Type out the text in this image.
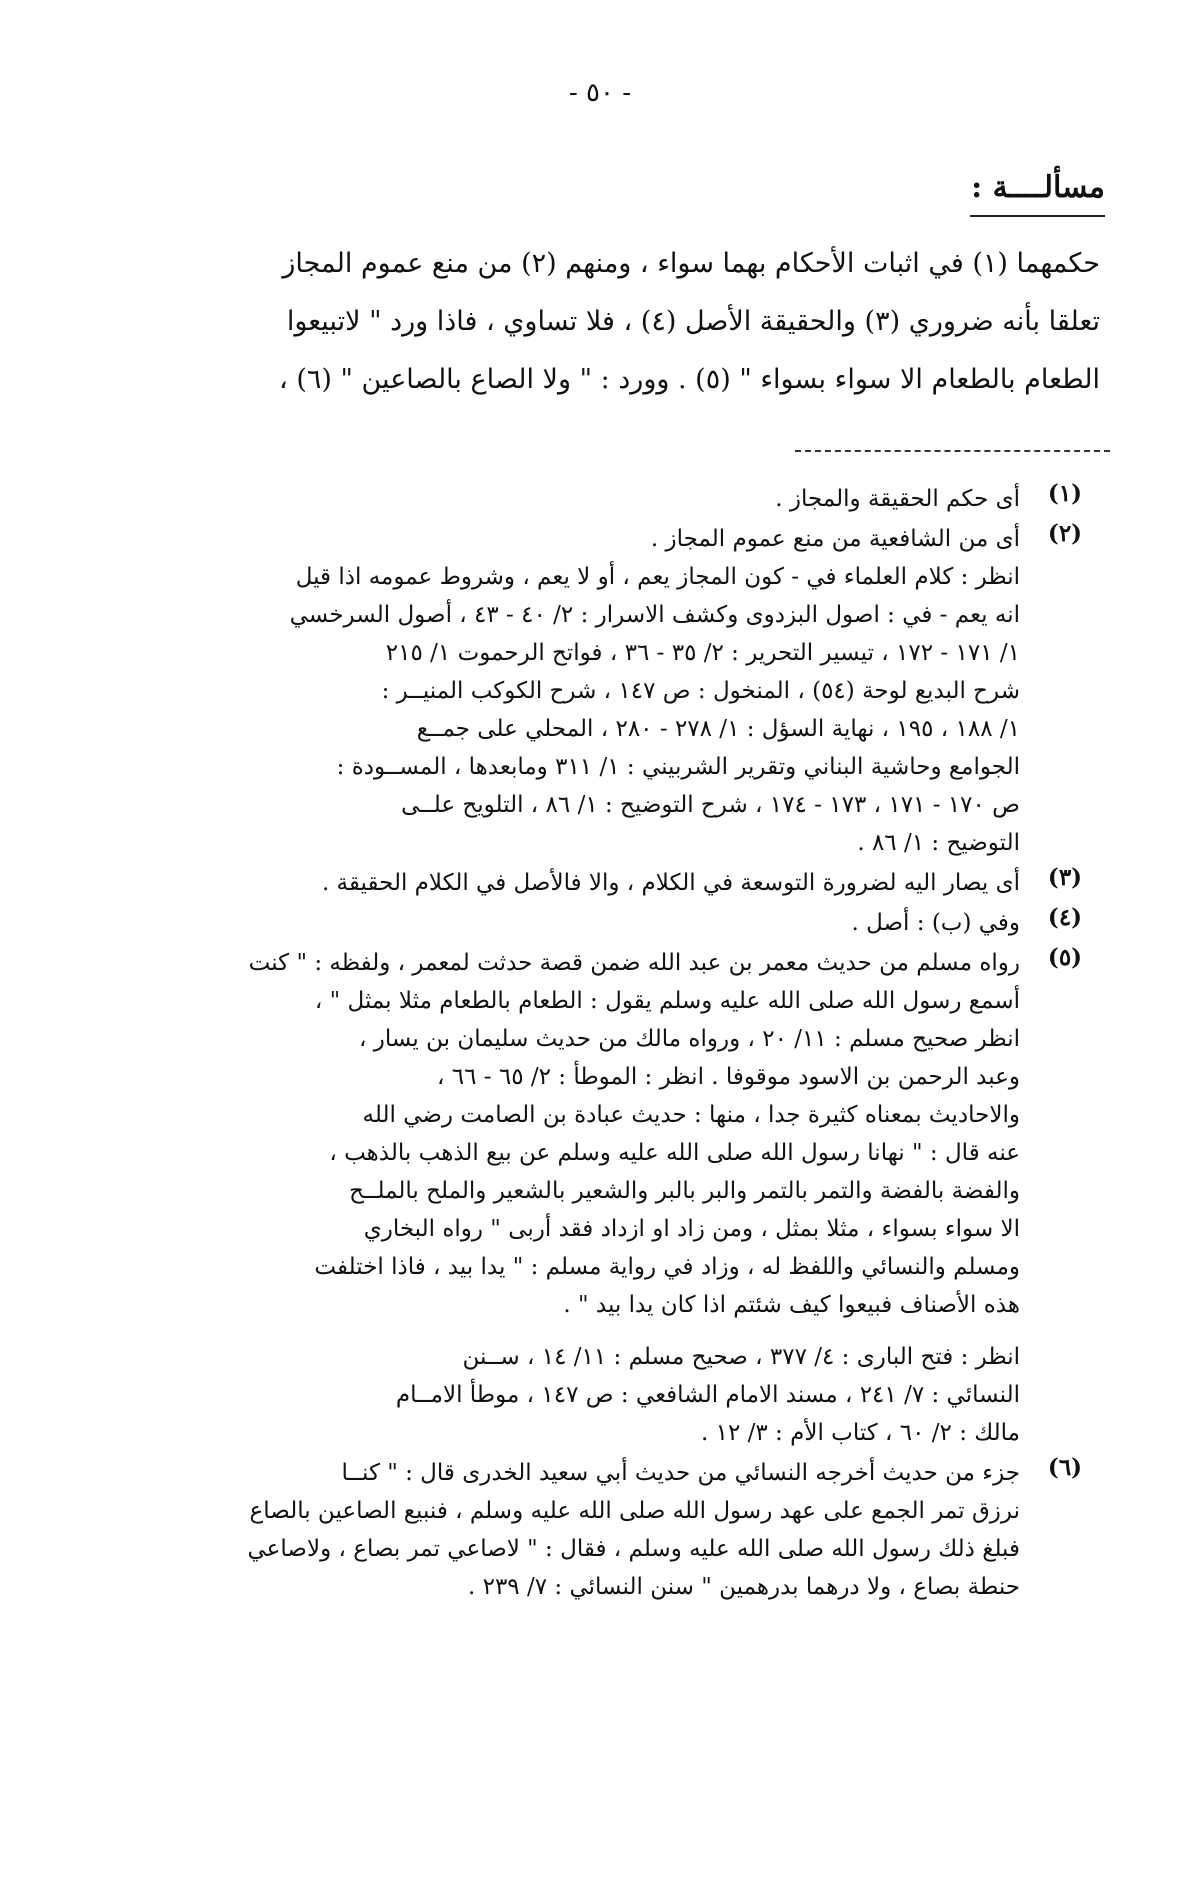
- ٥٠ -
مسألــــة :
حكمهما (١) في اثبات الأحكام بهما سواء ، ومنهم (٢) من منع عموم المجاز
تعلقا بأنه ضروري (٣) والحقيقة الأصل (٤) ، فلا تساوي ، فاذا ورد " لاتبيعوا
الطعام بالطعام الا سواء بسواء " (٥) . وورد : " ولا الصاع بالصاعين " (٦) ،
(١)
أى حكم الحقيقة والمجاز .
(٢)
أى من الشافعية من منع عموم المجاز .
انظر : كلام العلماء في - كون المجاز يعم ، أو لا يعم ، وشروط عمومه اذا قيل
انه يعم - في : اصول البزدوى وكشف الاسرار : ٢/ ٤٠ - ٤٣ ، أصول السرخسي
١/ ١٧١ - ١٧٢ ، تيسير التحرير : ٢/ ٣٥ - ٣٦ ، فواتح الرحموت ١/ ٢١٥
شرح البديع لوحة (٥٤) ، المنخول : ص ١٤٧ ، شرح الكوكب المنيــر :
١/ ١٨٨ ، ١٩٥ ، نهاية السؤل : ١/ ٢٧٨ - ٢٨٠ ، المحلي على جمــع
الجوامع وحاشية البناني وتقرير الشربيني : ١/ ٣١١ ومابعدها ، المســودة :
ص ١٧٠ - ١٧١ ، ١٧٣ - ١٧٤ ، شرح التوضيح : ١/ ٨٦ ، التلويح علــى
التوضيح : ١/ ٨٦ .
(٣)
أى يصار اليه لضرورة التوسعة في الكلام ، والا فالأصل في الكلام الحقيقة .
(٤)
وفي (ب) : أصل .
(٥)
رواه مسلم من حديث معمر بن عبد الله ضمن قصة حدثت لمعمر ، ولفظه : " كنت
أسمع رسول الله صلى الله عليه وسلم يقول : الطعام بالطعام مثلا بمثل " ،
انظر صحيح مسلم : ١١/ ٢٠ ، ورواه مالك من حديث سليمان بن يسار ،
وعبد الرحمن بن الاسود موقوفا . انظر : الموطأ : ٢/ ٦٥ - ٦٦ ،
والاحاديث بمعناه كثيرة جدا ، منها : حديث عبادة بن الصامت رضي الله
عنه قال : " نهانا رسول الله صلى الله عليه وسلم عن بيع الذهب بالذهب ،
والفضة بالفضة والتمر بالتمر والبر بالبر والشعير بالشعير والملح بالملــح
الا سواء بسواء ، مثلا بمثل ، ومن زاد او ازداد فقد أربى " رواه البخاري
ومسلم والنسائي واللفظ له ، وزاد في رواية مسلم : " يدا بيد ، فاذا اختلفت
هذه الأصناف فبيعوا كيف شئتم اذا كان يدا بيد " .
انظر : فتح البارى : ٤/ ٣٧٧ ، صحيح مسلم : ١١/ ١٤ ، ســنن
النسائي : ٧/ ٢٤١ ، مسند الامام الشافعي : ص ١٤٧ ، موطأ الامــام
مالك : ٢/ ٦٠ ، كتاب الأم : ٣/ ١٢ .
(٦)
جزء من حديث أخرجه النسائي من حديث أبي سعيد الخدرى قال : " كنــا
نرزق تمر الجمع على عهد رسول الله صلى الله عليه وسلم ، فنبيع الصاعين بالصاع
فبلغ ذلك رسول الله صلى الله عليه وسلم ، فقال : " لاصاعي تمر بصاع ، ولاصاعي
حنطة بصاع ، ولا درهما بدرهمين " سنن النسائي : ٧/ ٢٣٩ .
